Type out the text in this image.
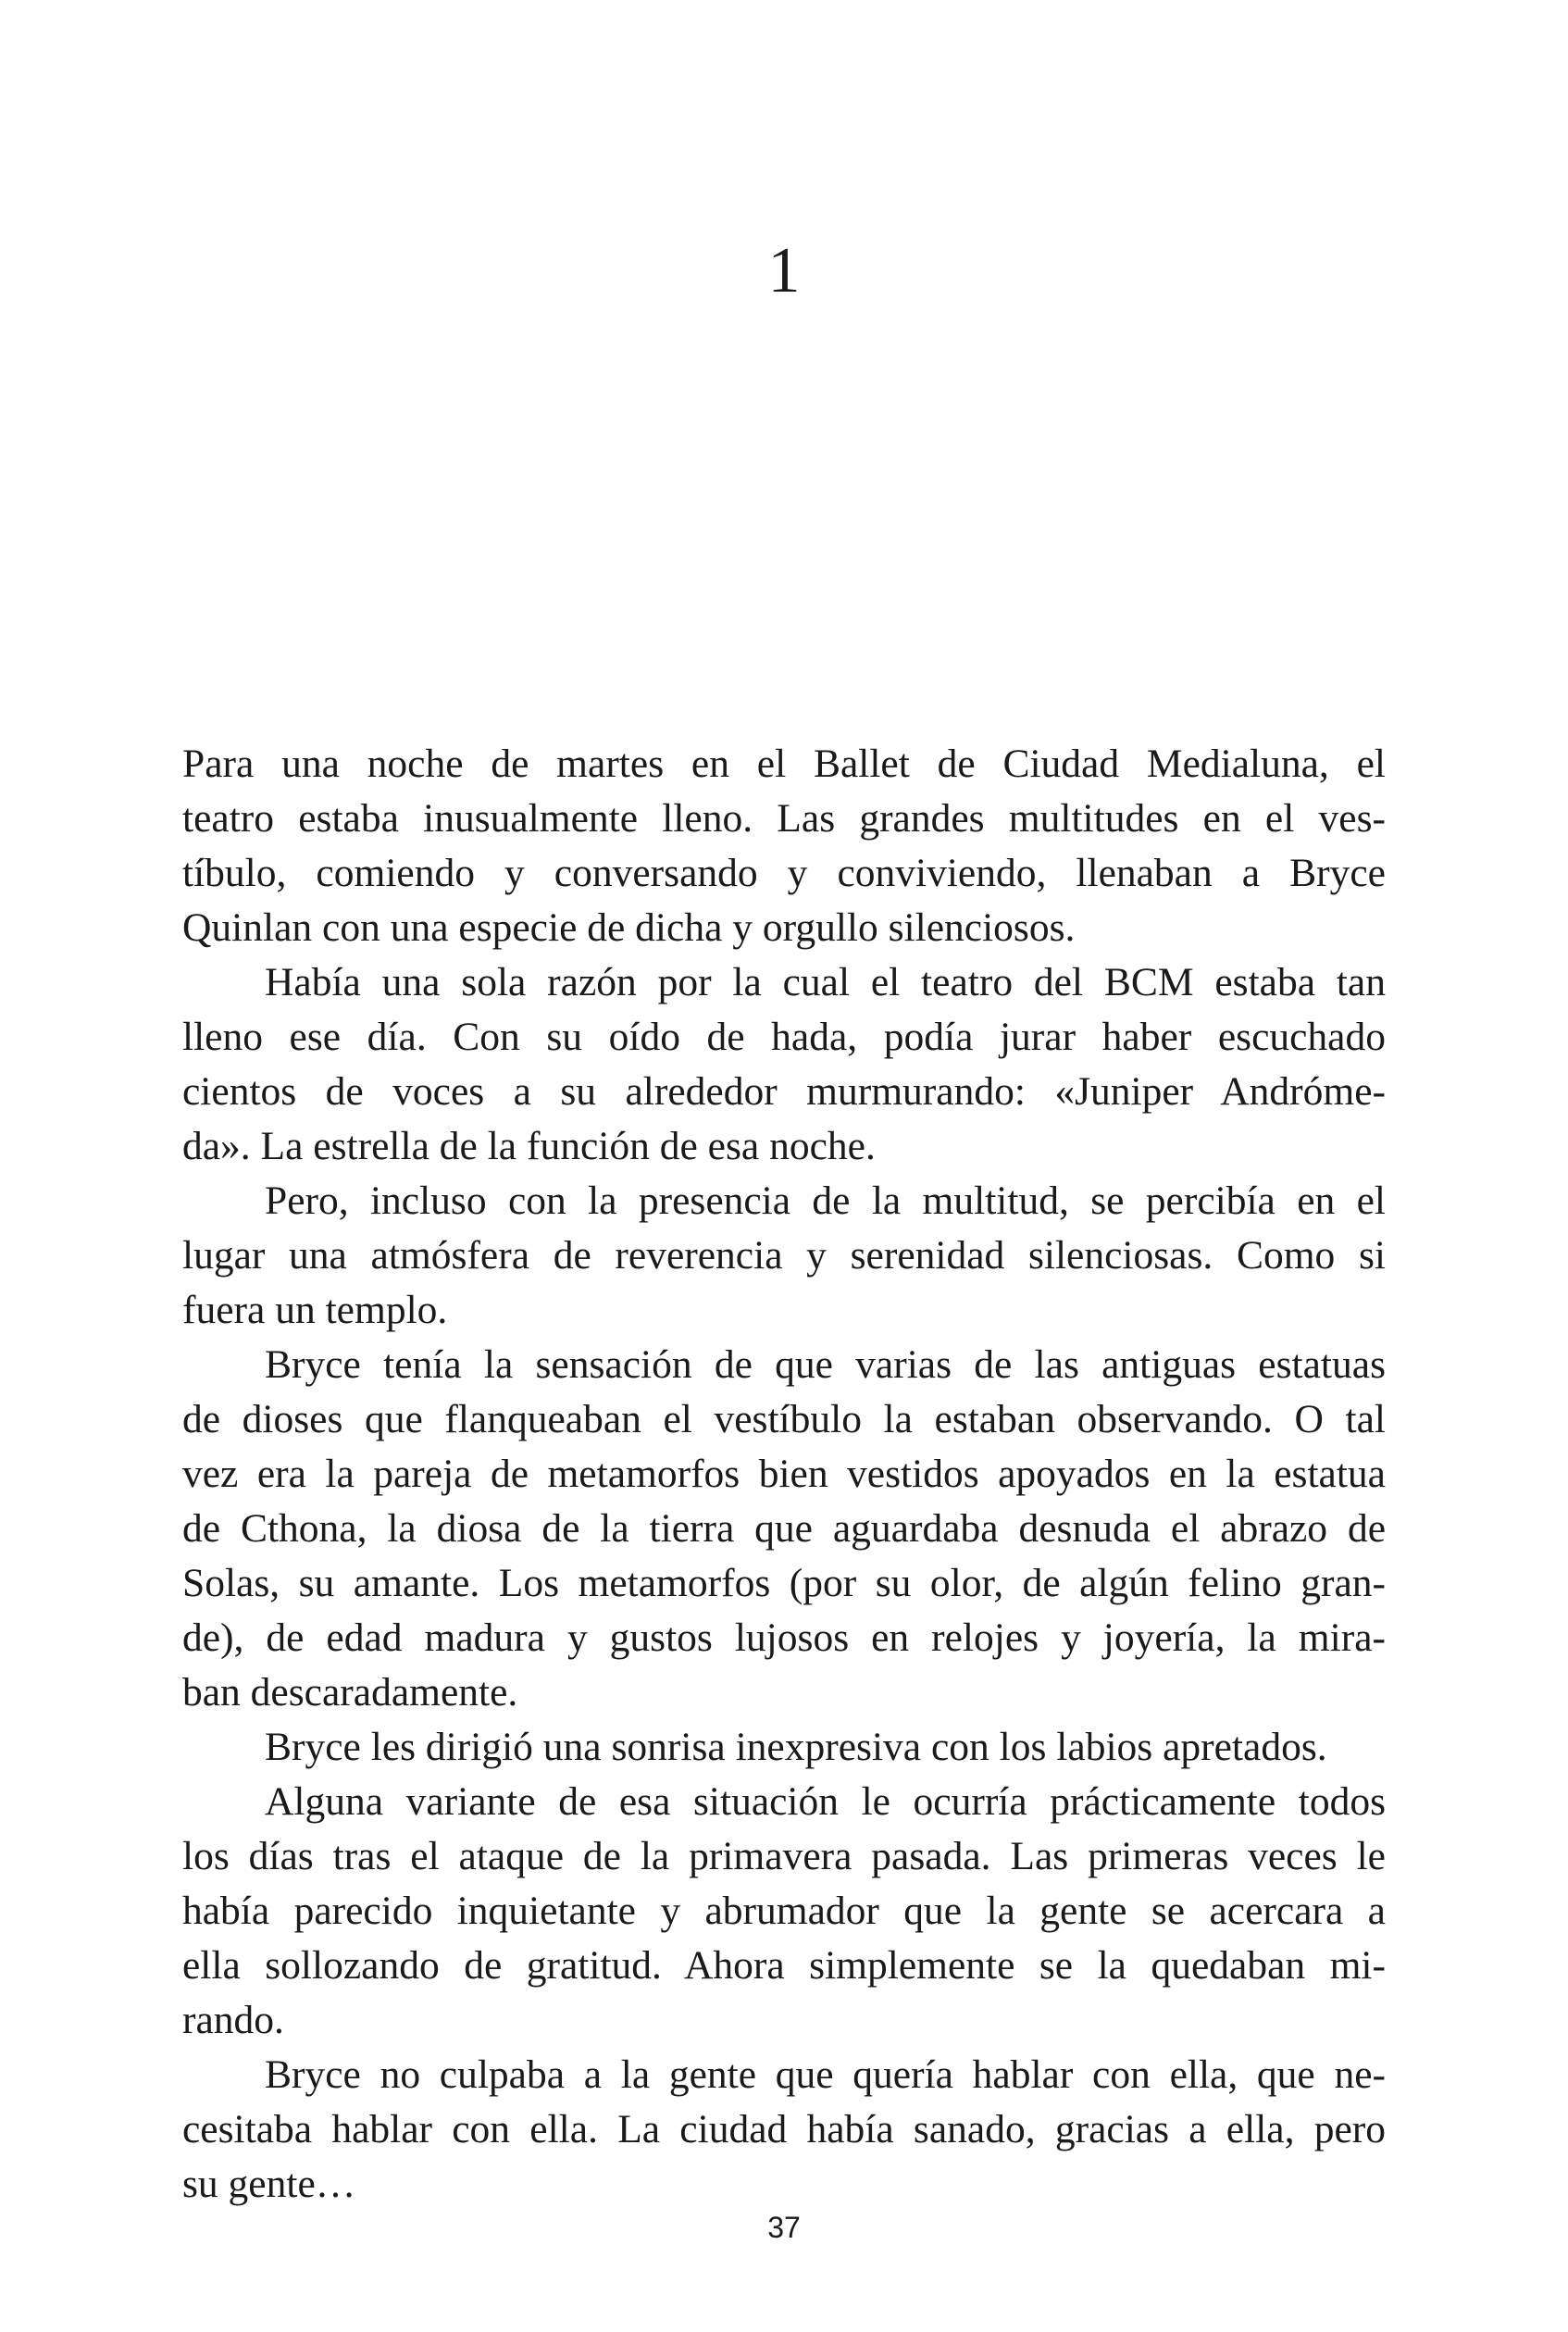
1
Para una noche de martes en el Ballet de Ciudad Medialuna, el
teatro estaba inusualmente lleno. Las grandes multitudes en el ves-
tíbulo, comiendo y conversando y conviviendo, llenaban a Bryce
Quinlan con una especie de dicha y orgullo silenciosos.
Había una sola razón por la cual el teatro del BCM estaba tan
lleno ese día. Con su oído de hada, podía jurar haber escuchado
cientos de voces a su alrededor murmurando: «Juniper Andróme-
da». La estrella de la función de esa noche.
Pero, incluso con la presencia de la multitud, se percibía en el
lugar una atmósfera de reverencia y serenidad silenciosas. Como si
fuera un templo.
Bryce tenía la sensación de que varias de las antiguas estatuas
de dioses que flanqueaban el vestíbulo la estaban observando. O tal
vez era la pareja de metamorfos bien vestidos apoyados en la estatua
de Cthona, la diosa de la tierra que aguardaba desnuda el abrazo de
Solas, su amante. Los metamorfos (por su olor, de algún felino gran-
de), de edad madura y gustos lujosos en relojes y joyería, la mira-
ban descaradamente.
Bryce les dirigió una sonrisa inexpresiva con los labios apretados.
Alguna variante de esa situación le ocurría prácticamente todos
los días tras el ataque de la primavera pasada. Las primeras veces le
había parecido inquietante y abrumador que la gente se acercara a
ella sollozando de gratitud. Ahora simplemente se la quedaban mi-
rando.
Bryce no culpaba a la gente que quería hablar con ella, que ne-
cesitaba hablar con ella. La ciudad había sanado, gracias a ella, pero
su gente…
37
